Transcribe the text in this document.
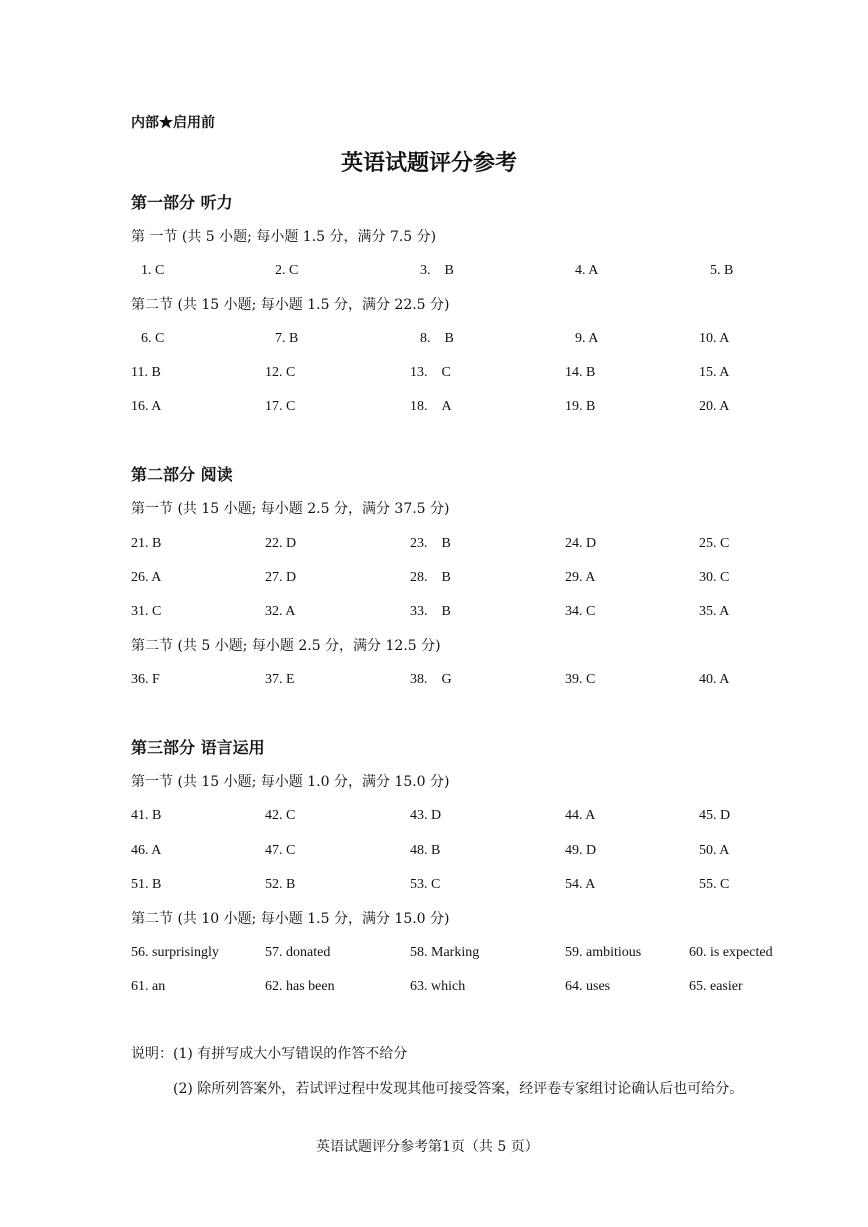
内部★启用前
英语试题评分参考
第一部分 听力
第 一节 (共 5 小题; 每小题 1.5 分，满分 7.5 分)
1. C	2. C	3.　B	4. A	5. B
第二节 (共 15 小题; 每小题 1.5 分，满分 22.5 分)
6. C	7. B	8.　B	9. A	10. A
11. B	12. C	13.　C	14. B	15. A
16. A	17. C	18.　A	19. B	20. A
第二部分 阅读
第一节 (共 15 小题; 每小题 2.5 分，满分 37.5 分)
21. B	22. D	23.　B	24. D	25. C
26. A	27. D	28.　B	29. A	30. C
31. C	32. A	33.　B	34. C	35. A
第二节 (共 5 小题; 每小题 2.5 分，满分 12.5 分)
36. F	37. E	38.　G	39. C	40. A
第三部分 语言运用
第一节 (共 15 小题; 每小题 1.0 分，满分 15.0 分)
41. B	42. C	43. D	44. A	45. D
46. A	47. C	48. B	49. D	50. A
51. B	52. B	53. C	54. A	55. C
第二节 (共 10 小题; 每小题 1.5 分，满分 15.0 分)
56. surprisingly	57. donated	58. Marking	59. ambitious	60. is expected
61. an	62. has been	63. which	64. uses	65. easier
说明：(1) 有拼写成大小写错误的作答不给分
(2) 除所列答案外，若试评过程中发现其他可接受答案，经评卷专家组讨论确认后也可给分。
英语试题评分参考第1页（共 5 页）
